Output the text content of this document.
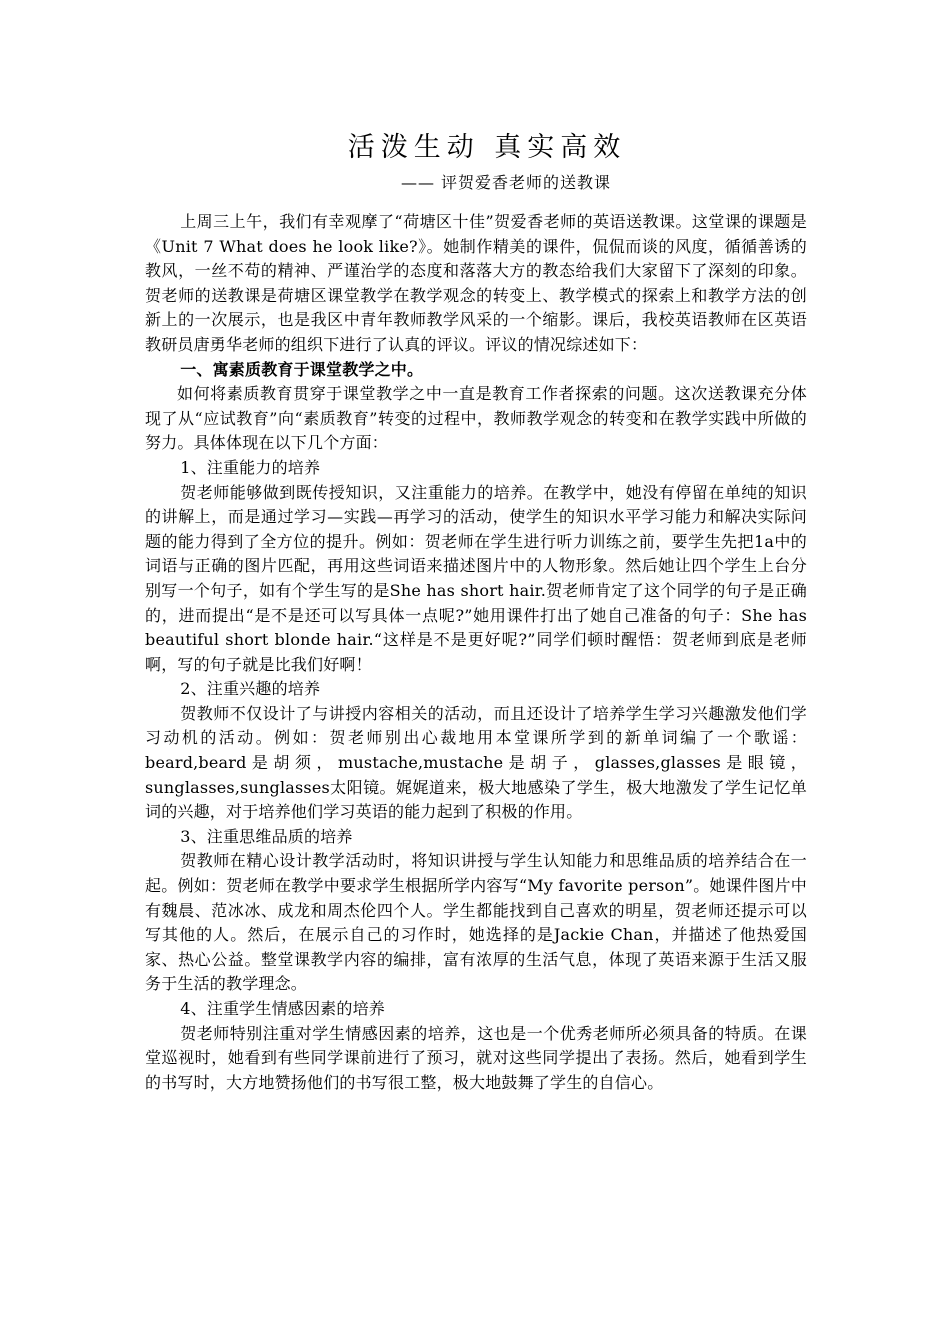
活泼生动 真实高效
—— 评贺爱香老师的送教课

上周三上午，我们有幸观摩了“荷塘区十佳”贺爱香老师的英语送教课。这堂课的课题是《Unit 7 What does he look like?》。她制作精美的课件，侃侃而谈的风度，循循善诱的教风，一丝不苟的精神、严谨治学的态度和落落大方的教态给我们大家留下了深刻的印象。贺老师的送教课是荷塘区课堂教学在教学观念的转变上、教学模式的探索上和教学方法的创新上的一次展示，也是我区中青年教师教学风采的一个缩影。课后，我校英语教师在区英语教研员唐勇华老师的组织下进行了认真的评议。评议的情况综述如下：

一、寓素质教育于课堂教学之中。

如何将素质教育贯穿于课堂教学之中一直是教育工作者探索的问题。这次送教课充分体现了从“应试教育”向“素质教育”转变的过程中，教师教学观念的转变和在教学实践中所做的努力。具体体现在以下几个方面：

1、注重能力的培养

贺老师能够做到既传授知识，又注重能力的培养。在教学中，她没有停留在单纯的知识的讲解上，而是通过学习—实践—再学习的活动，使学生的知识水平学习能力和解决实际问题的能力得到了全方位的提升。例如：贺老师在学生进行听力训练之前，要学生先把1a中的词语与正确的图片匹配，再用这些词语来描述图片中的人物形象。然后她让四个学生上台分别写一个句子，如有个学生写的是She has short hair.贺老师肯定了这个同学的句子是正确的，进而提出“是不是还可以写具体一点呢?”她用课件打出了她自己准备的句子：She has beautiful short blonde hair.“这样是不是更好呢?”同学们顿时醒悟：贺老师到底是老师啊，写的句子就是比我们好啊！

2、注重兴趣的培养

贺教师不仅设计了与讲授内容相关的活动，而且还设计了培养学生学习兴趣激发他们学习动机的活动。例如：贺老师别出心裁地用本堂课所学到的新单词编了一个歌谣：beard,beard是胡须，mustache,mustache是胡子，glasses,glasses是眼镜，sunglasses,sunglasses太阳镜。娓娓道来，极大地感染了学生，极大地激发了学生记忆单词的兴趣，对于培养他们学习英语的能力起到了积极的作用。

3、注重思维品质的培养

贺教师在精心设计教学活动时，将知识讲授与学生认知能力和思维品质的培养结合在一起。例如：贺老师在教学中要求学生根据所学内容写“My favorite person”。她课件图片中有魏晨、范冰冰、成龙和周杰伦四个人。学生都能找到自己喜欢的明星，贺老师还提示可以写其他的人。然后，在展示自己的习作时，她选择的是Jackie Chan，并描述了他热爱国家、热心公益。整堂课教学内容的编排，富有浓厚的生活气息，体现了英语来源于生活又服务于生活的教学理念。

4、注重学生情感因素的培养

贺老师特别注重对学生情感因素的培养，这也是一个优秀老师所必须具备的特质。在课堂巡视时，她看到有些同学课前进行了预习，就对这些同学提出了表扬。然后，她看到学生的书写时，大方地赞扬他们的书写很工整，极大地鼓舞了学生的自信心。
